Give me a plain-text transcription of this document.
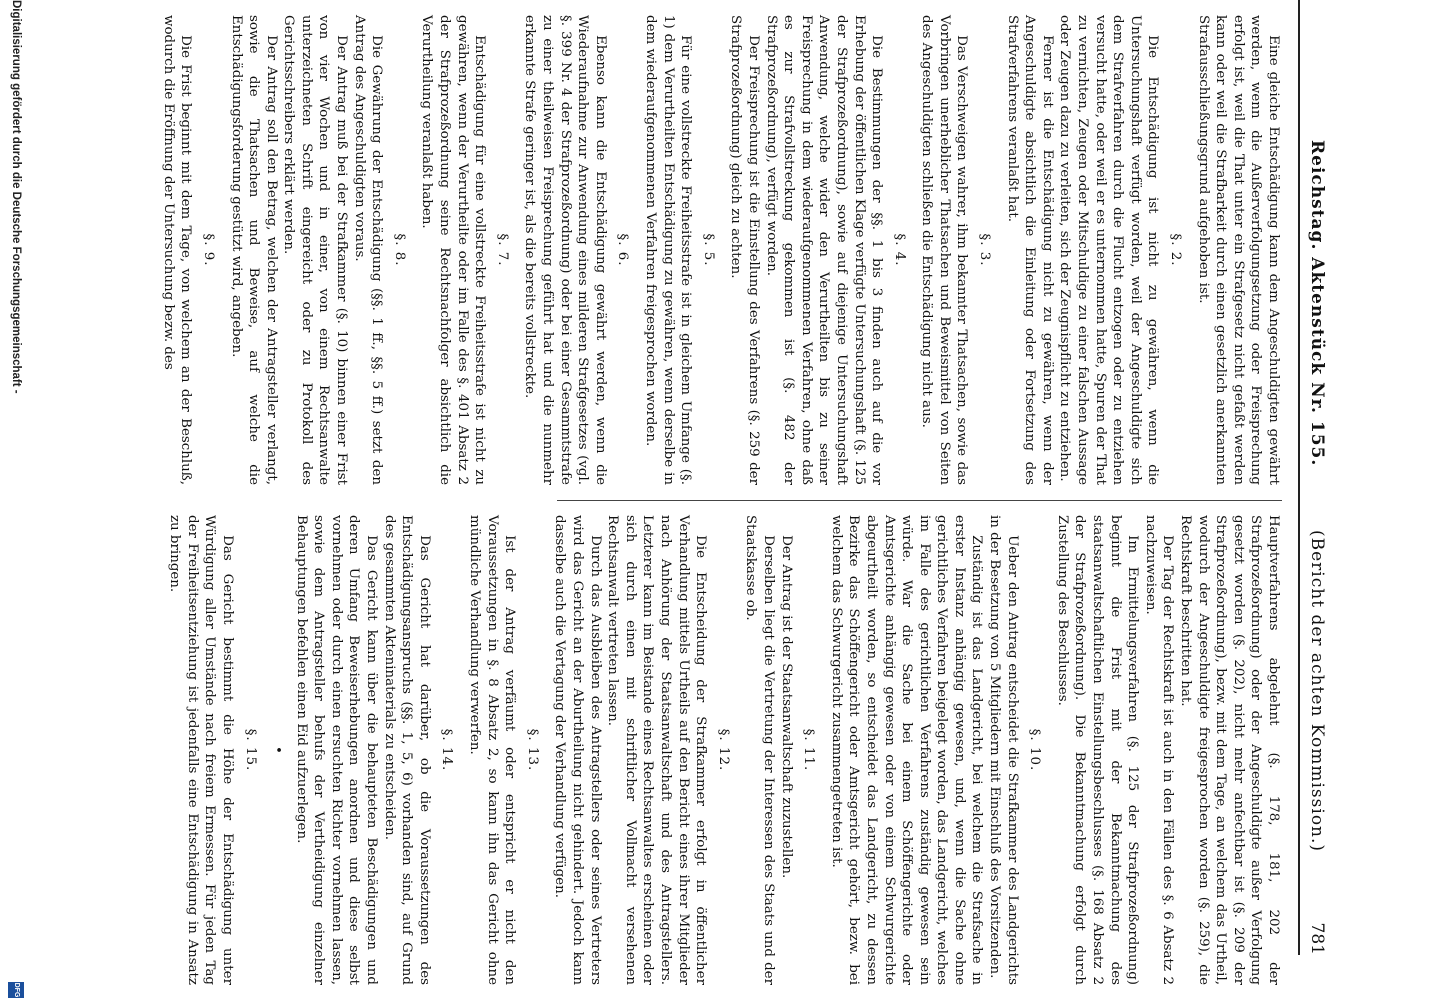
Reichstag. Aktenstück Nr. 155.
(Bericht der achten Kommission.)
781

Eine gleiche Entschädigung kann dem Angeschuldigten gewährt werden, wenn die Außerverfolgungsetzung oder Freisprechung erfolgt ist, weil die That unter ein Strafgesetz nicht gefaßt werden kann oder weil die Strafbarkeit durch einen gesetzlich anerkannten Strafausschließungsgrund aufgehoben ist.

§. 2.

Die Entschädigung ist nicht zu gewähren, wenn die Untersuchungshaft verfügt worden, weil der Angeschuldigte sich dem Strafverfahren durch die Flucht entzogen oder zu entziehen versucht hatte, oder weil er es unternommen hatte, Spuren der That zu vernichten, Zeugen oder Mitschuldige zu einer falschen Aussage oder Zeugen dazu zu verleiten, sich der Zeugnispflicht zu entziehen.

Ferner ist die Entschädigung nicht zu gewähren, wenn der Angeschuldigte absichtlich die Einleitung oder Fortsetzung des Strafverfahrens veranlaßt hat.

§. 3.

Das Verschweigen wahrer, ihm bekannter Thatsachen, sowie das Vorbringen unerheblicher Thatsachen und Beweismittel von Seiten des Angeschuldigten schließen die Entschädigung nicht aus.

§. 4.

Die Bestimmungen der §§. 1 bis 3 finden auch auf die vor Erhebung der öffentlichen Klage verfügte Untersuchungshaft (§. 125 der Strafprozeßordnung), sowie auf diejenige Untersuchungshaft Anwendung, welche wider den Verurtheilten bis zu seiner Freisprechung in dem wiederaufgenommenen Verfahren, ohne daß es zur Strafvollstreckung gekommen ist (§. 482 der Strafprozeßordnung), verfügt worden.

Der Freisprechung ist die Einstellung des Verfahrens (§. 259 der Strafprozeßordnung) gleich zu achten.

§. 5.

Für eine vollstreckte Freiheitsstrafe ist in gleichem Umfange (§. 1) dem Verurtheilten Entschädigung zu gewähren, wenn derselbe in dem wiederaufgenommenen Verfahren freigesprochen worden.

§. 6.

Ebenso kann die Entschädigung gewährt werden, wenn die Wiederaufnahme zur Anwendung eines milderen Strafgesetzes (vgl. §. 399 Nr. 4 der Strafprozeßordnung) oder bei einer Gesammtstrafe zu einer theilweisen Freisprechung geführt hat und die nunmehr erkannte Strafe geringer ist, als die bereits vollstreckte.

§. 7.

Entschädigung für eine vollstreckte Freiheitsstrafe ist nicht zu gewähren, wenn der Verurtheilte oder im Falle des §. 401 Absatz 2 der Strafprozeßordnung seine Rechtsnachfolger absichtlich die Verurtheilung veranlaßt haben.

§. 8.

Die Gewährung der Entschädigung (§§. 1 ff., §§. 5 ff.) setzt den Antrag des Angeschuldigten voraus.

Der Antrag muß bei der Strafkammer (§. 10) binnen einer Frist von vier Wochen und in einer, von einem Rechtsanwalte unterzeichneten Schrift eingereicht oder zu Protokoll des Gerichtsschreibers erklärt werden.

Der Antrag soll den Betrag, welchen der Antragsteller verlangt, sowie die Thatsachen und Beweise, auf welche die Entschädigungsforderung gestützt wird, angeben.

§. 9.

Die Frist beginnt mit dem Tage, von welchem an der Beschluß, wodurch die Eröffnung der Untersuchung bezw. des

Hauptverfahrens abgelehnt (§. 178, 181, 202 der Strafprozeßordnung) oder der Angeschuldigte außer Verfolgung gesetzt worden (§. 202), nicht mehr anfechtbar ist (§. 209 der Strafprozeßordnung), bezw. mit dem Tage, an welchem das Urtheil, wodurch der Angeschuldigte freigesprochen worden (§. 259), die Rechtskraft beschritten hat.

Der Tag der Rechtskraft ist auch in den Fällen des §. 6 Absatz 2 nachzuweisen.

Im Ermittelungsverfahren (§. 125 der Strafprozeßordnung) beginnt die Frist mit der Bekanntmachung des staatsanwaltschaftlichen Einstellungsbeschlusses (§. 168 Absatz 2 der Strafprozeßordnung). Die Bekanntmachung erfolgt durch Zustellung des Beschlusses.

§. 10.

Ueber den Antrag entscheidet die Strafkammer des Landgerichts in der Besetzung von 5 Mitgliedern mit Einschluß des Vorsitzenden.

Zuständig ist das Landgericht, bei welchem die Strafsache in erster Instanz anhängig gewesen, und, wenn die Sache ohne gerichtliches Verfahren beigelegt worden, das Landgericht, welches im Falle des gerichtlichen Verfahrens zuständig gewesen sein würde. War die Sache bei einem Schöffengerichte oder Amtsgerichte anhängig gewesen oder von einem Schwurgerichte abgeurtheilt worden, so entscheidet das Landgericht, zu dessen Bezirke das Schöffengericht oder Amtsgericht gehört, bezw. bei welchem das Schwurgericht zusammengetreten ist.

§. 11.

Der Antrag ist der Staatsanwaltschaft zuzustellen.

Derselben liegt die Vertretung der Interessen des Staats und der Staatskasse ob.

§. 12.

Die Entscheidung der Strafkammer erfolgt in öffentlicher Verhandlung mittels Urtheils auf den Bericht eines ihrer Mitglieder nach Anhörung der Staatsanwaltschaft und des Antragstellers. Letzterer kann im Beistande eines Rechtsanwaltes erscheinen oder sich durch einen mit schriftlicher Vollmacht versehenen Rechtsanwalt vertreten lassen.

Durch das Ausbleiben des Antragstellers oder seines Vertreters wird das Gericht an der Aburtheilung nicht gehindert. Jedoch kann dasselbe auch die Vertagung der Verhandlung verfügen.

§. 13.

Ist der Antrag verfäumt oder entspricht er nicht den Voraussetzungen in §. 8 Absatz 2, so kann ihn das Gericht ohne mündliche Verhandlung verwerfen.

§. 14.

Das Gericht hat darüber, ob die Voraussetzungen des Entschädigungsanspruchs (§§. 1, 5, 6) vorhanden sind, auf Grund des gesammten Akteninaterials zu entscheiden.

Das Gericht kann über die behaupteten Beschädigungen und deren Umfang Beweiserhebungen anordnen und diese selbst vornehmen oder durch einen ersuchten Richter vornehmen lassen, sowie dem Antragsteller behufs der Vertheidigung einzelner Behauptungen befehlen einen Eid aufzuerlegen.

•
§. 15.

Das Gericht bestimmt die Höhe der Entschädigung unter Würdigung aller Umstände nach freiem Ermessen. Für jeden Tag der Freiheitsentziehung ist jedenfalls eine Entschädigung in Ansatz zu bringen.

Digitalisierung gefördert durch die Deutsche Forschungsgemeinschaft -
DFG
